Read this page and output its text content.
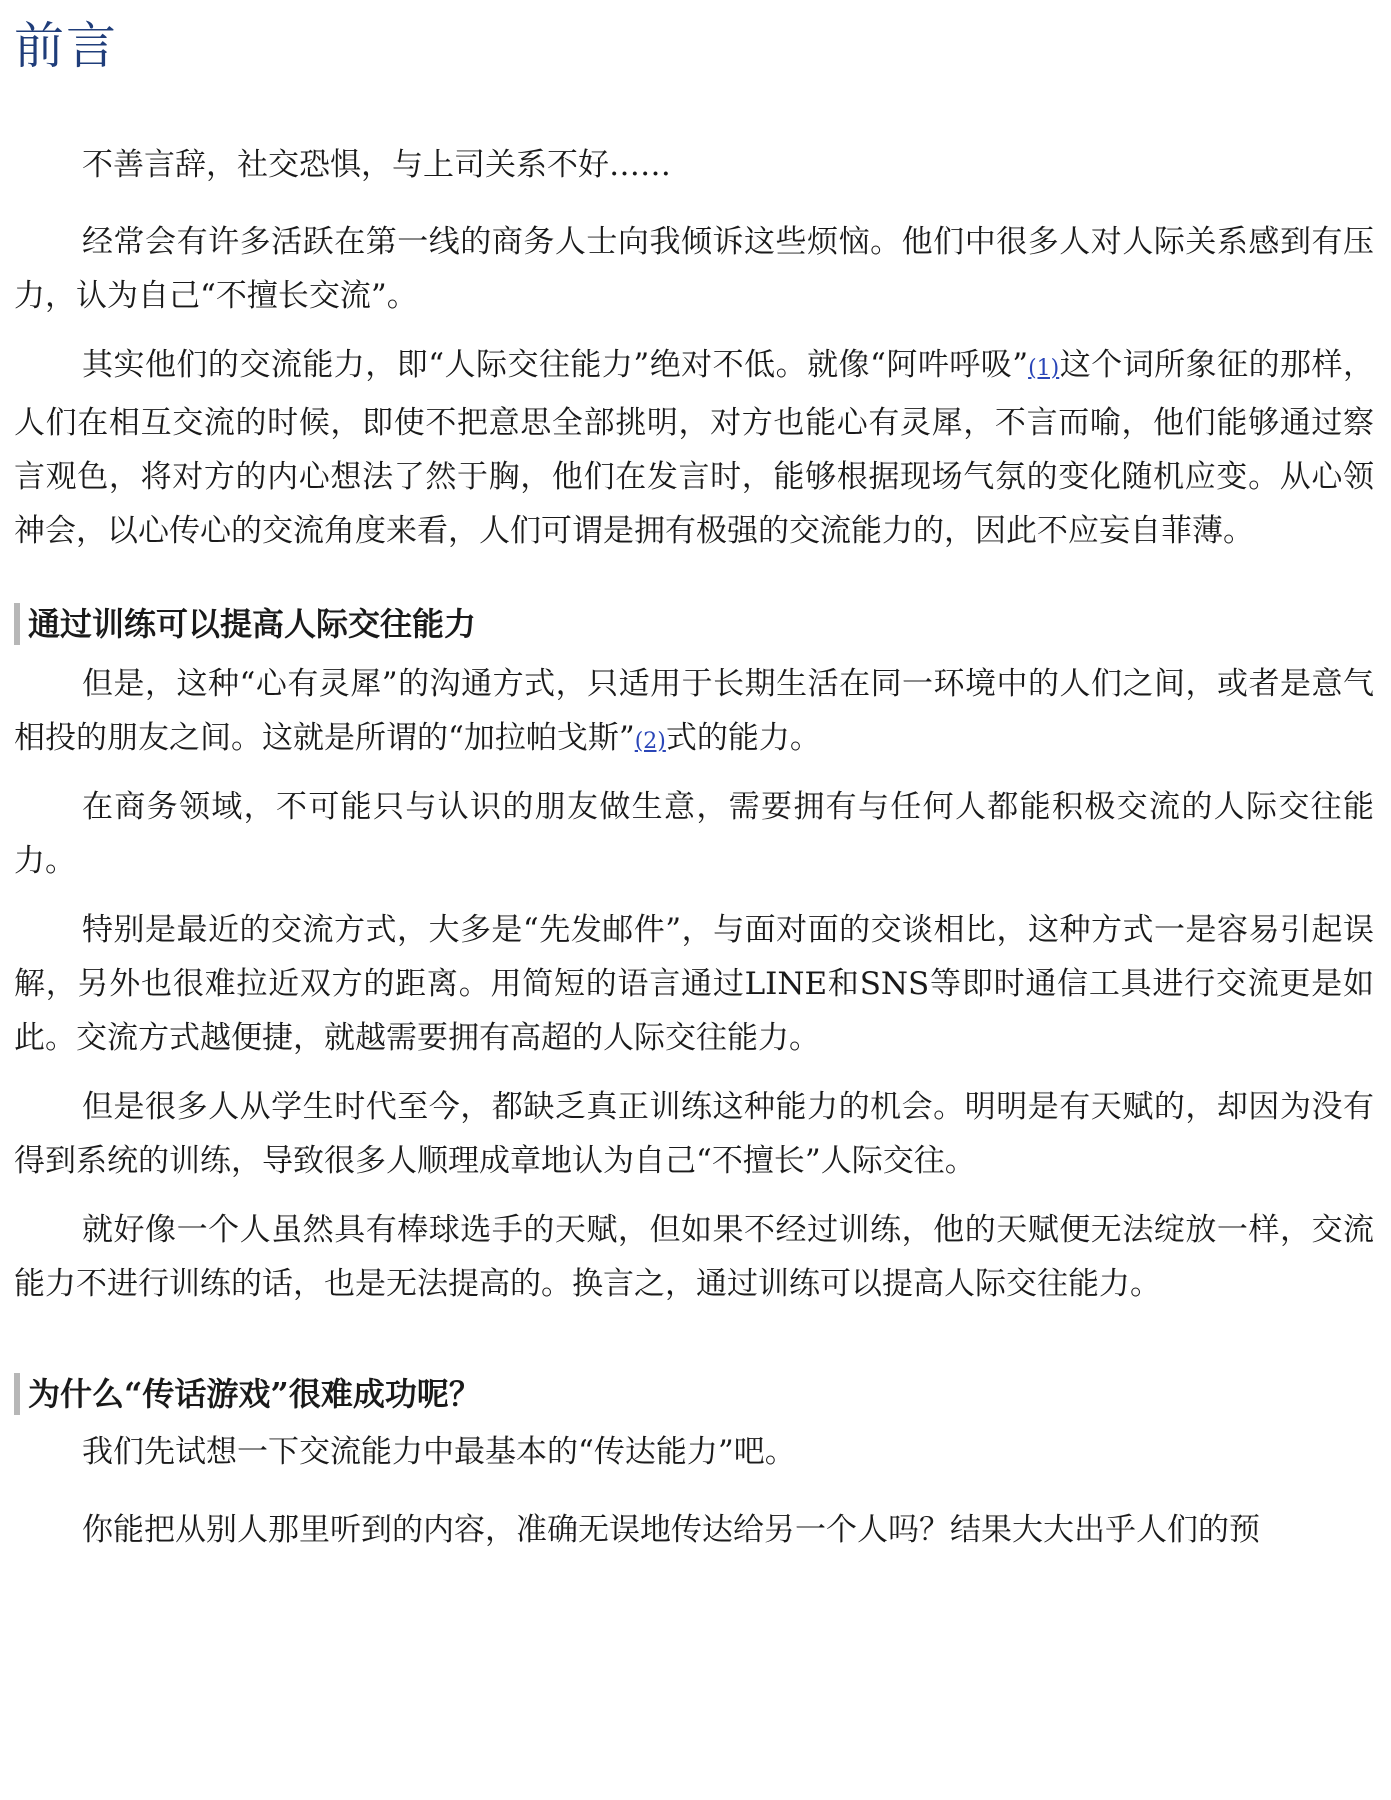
前言

不善言辞，社交恐惧，与上司关系不好……

经常会有许多活跃在第一线的商务人士向我倾诉这些烦恼。他们中很多人对人际关系感到有压力，认为自己“不擅长交流”。

其实他们的交流能力，即“人际交往能力”绝对不低。就像“阿吽呼吸”(1)这个词所象征的那样，人们在相互交流的时候，即使不把意思全部挑明，对方也能心有灵犀，不言而喻，他们能够通过察言观色，将对方的内心想法了然于胸，他们在发言时，能够根据现场气氛的变化随机应变。从心领神会，以心传心的交流角度来看，人们可谓是拥有极强的交流能力的，因此不应妄自菲薄。

通过训练可以提高人际交往能力

但是，这种“心有灵犀”的沟通方式，只适用于长期生活在同一环境中的人们之间，或者是意气相投的朋友之间。这就是所谓的“加拉帕戈斯”(2)式的能力。

在商务领域，不可能只与认识的朋友做生意，需要拥有与任何人都能积极交流的人际交往能力。

特别是最近的交流方式，大多是“先发邮件”，与面对面的交谈相比，这种方式一是容易引起误解，另外也很难拉近双方的距离。用简短的语言通过LINE和SNS等即时通信工具进行交流更是如此。交流方式越便捷，就越需要拥有高超的人际交往能力。

但是很多人从学生时代至今，都缺乏真正训练这种能力的机会。明明是有天赋的，却因为没有得到系统的训练，导致很多人顺理成章地认为自己“不擅长”人际交往。

就好像一个人虽然具有棒球选手的天赋，但如果不经过训练，他的天赋便无法绽放一样，交流能力不进行训练的话，也是无法提高的。换言之，通过训练可以提高人际交往能力。

为什么“传话游戏”很难成功呢？

我们先试想一下交流能力中最基本的“传达能力”吧。

你能把从别人那里听到的内容，准确无误地传达给另一个人吗？结果大大出乎人们的预
